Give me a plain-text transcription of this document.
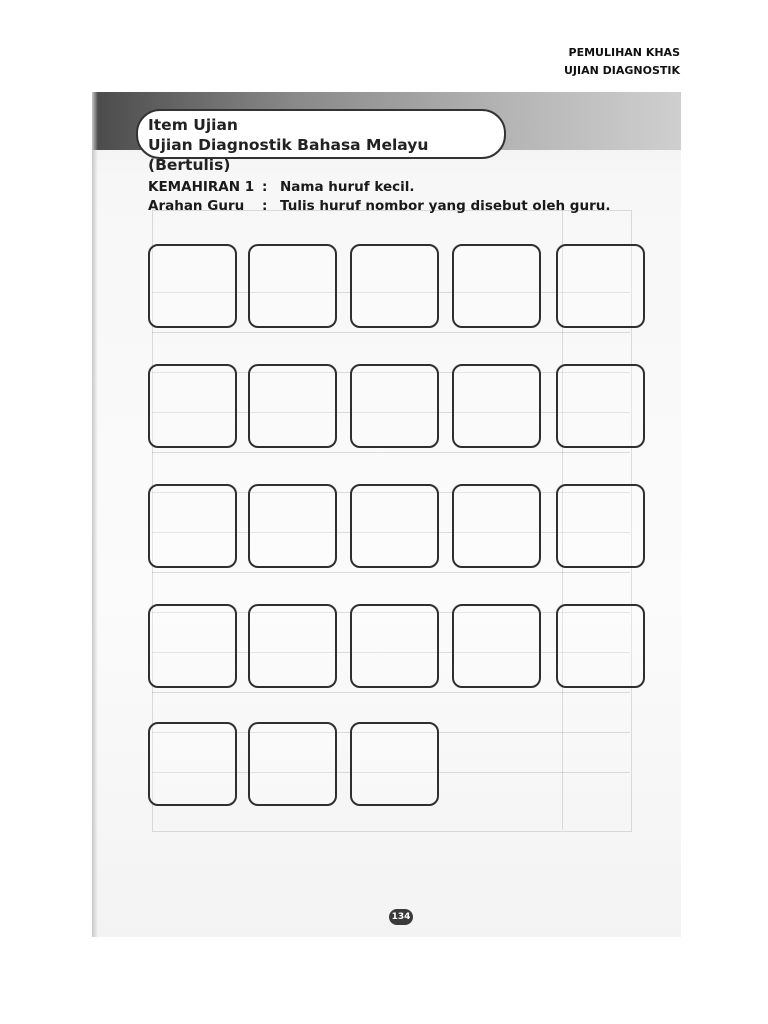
PEMULIHAN KHAS
UJIAN DIAGNOSTIK
Item Ujian
Ujian Diagnostik Bahasa Melayu (Bertulis)
KEMAHIRAN 1 : Nama huruf kecil.
Arahan Guru	: Tulis huruf nombor yang disebut oleh guru.
134
